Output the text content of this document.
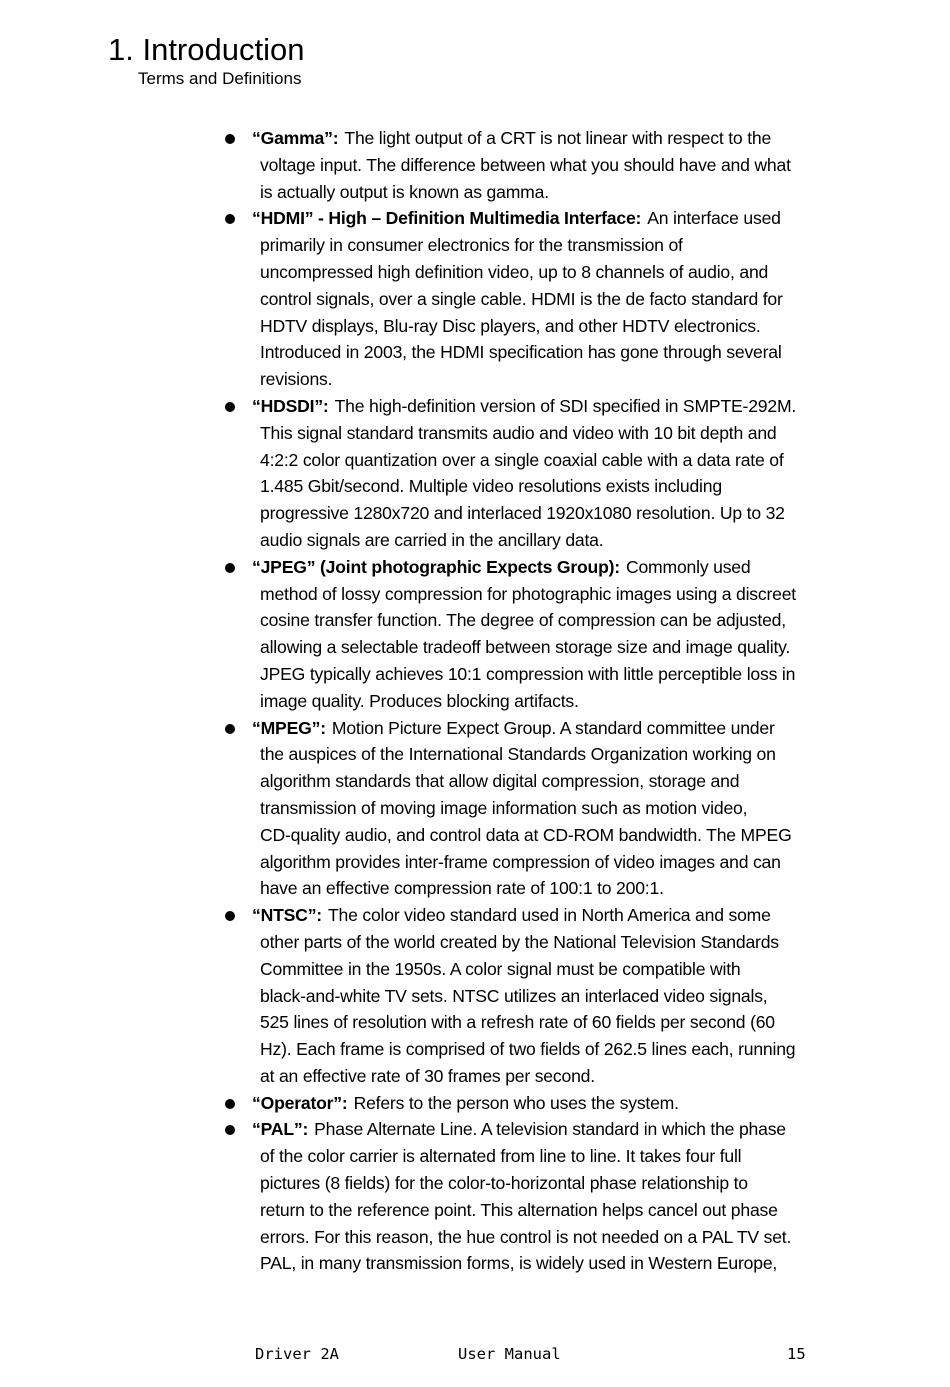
1. Introduction
Terms and Definitions
“Gamma”: The light output of a CRT is not linear with respect to the
voltage input. The difference between what you should have and what
is actually output is known as gamma.
“HDMI” - High – Definition Multimedia Interface: An interface used
primarily in consumer electronics for the transmission of
uncompressed high definition video, up to 8 channels of audio, and
control signals, over a single cable. HDMI is the de facto standard for
HDTV displays, Blu-ray Disc players, and other HDTV electronics.
Introduced in 2003, the HDMI specification has gone through several
revisions.
“HDSDI”: The high-definition version of SDI specified in SMPTE-292M.
This signal standard transmits audio and video with 10 bit depth and
4:2:2 color quantization over a single coaxial cable with a data rate of
1.485 Gbit/second. Multiple video resolutions exists including
progressive 1280x720 and interlaced 1920x1080 resolution. Up to 32
audio signals are carried in the ancillary data.
“JPEG” (Joint photographic Expects Group): Commonly used
method of lossy compression for photographic images using a discreet
cosine transfer function. The degree of compression can be adjusted,
allowing a selectable tradeoff between storage size and image quality.
JPEG typically achieves 10:1 compression with little perceptible loss in
image quality. Produces blocking artifacts.
“MPEG”: Motion Picture Expect Group. A standard committee under
the auspices of the International Standards Organization working on
algorithm standards that allow digital compression, storage and
transmission of moving image information such as motion video,
CD-quality audio, and control data at CD-ROM bandwidth. The MPEG
algorithm provides inter-frame compression of video images and can
have an effective compression rate of 100:1 to 200:1.
“NTSC”: The color video standard used in North America and some
other parts of the world created by the National Television Standards
Committee in the 1950s. A color signal must be compatible with
black-and-white TV sets. NTSC utilizes an interlaced video signals,
525 lines of resolution with a refresh rate of 60 fields per second (60
Hz). Each frame is comprised of two fields of 262.5 lines each, running
at an effective rate of 30 frames per second.
“Operator”: Refers to the person who uses the system.
“PAL”: Phase Alternate Line. A television standard in which the phase
of the color carrier is alternated from line to line. It takes four full
pictures (8 fields) for the color-to-horizontal phase relationship to
return to the reference point. This alternation helps cancel out phase
errors. For this reason, the hue control is not needed on a PAL TV set.
PAL, in many transmission forms, is widely used in Western Europe,
Driver 2A	User Manual	15
